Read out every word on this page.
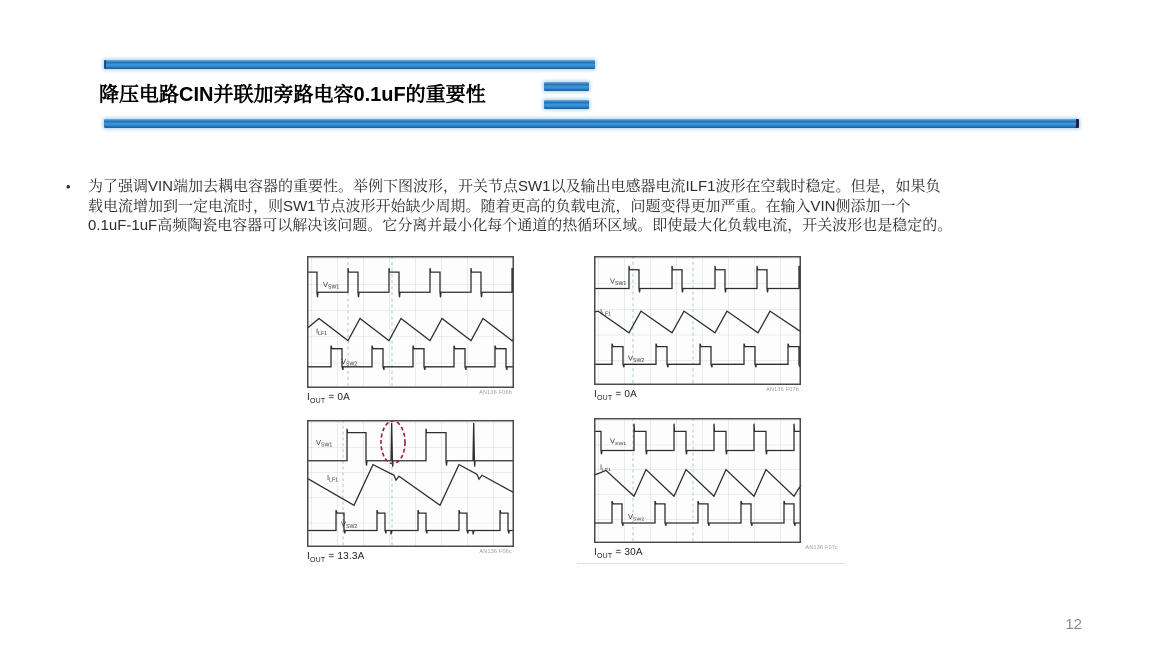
降压电路CIN并联加旁路电容0.1uF的重要性
• 为了强调VIN端加去耦电容器的重要性。举例下图波形，开关节点SW1以及输出电感器电流ILF1波形在空载时稳定。但是，如果负
载电流增加到一定电流时，则SW1节点波形开始缺少周期。随着更高的负载电流，问题变得更加严重。在输入VIN侧添加一个
0.1uF-1uF高频陶瓷电容器可以解决该问题。它分离并最小化每个通道的热循环区域。即使最大化负载电流，开关波形也是稳定的。
$V_{SW1}$
$I_{LF1}$
$V_{SW2}$
$I_{OUT} = 0A$	AN136 F06b
$V_{SW1}$
$I_{LF1}$
$V_{SW2}$
$I_{OUT} = 0A$	AN136 F07b
$V_{SW1}$
$I_{LF1}$
$V_{SW2}$
$I_{OUT} = 13.3A$	AN136 F06c
$V_{SW1}$
$I_{LF1}$
$V_{SW2}$
$I_{OUT} = 30A$	AN136 F07c
12
